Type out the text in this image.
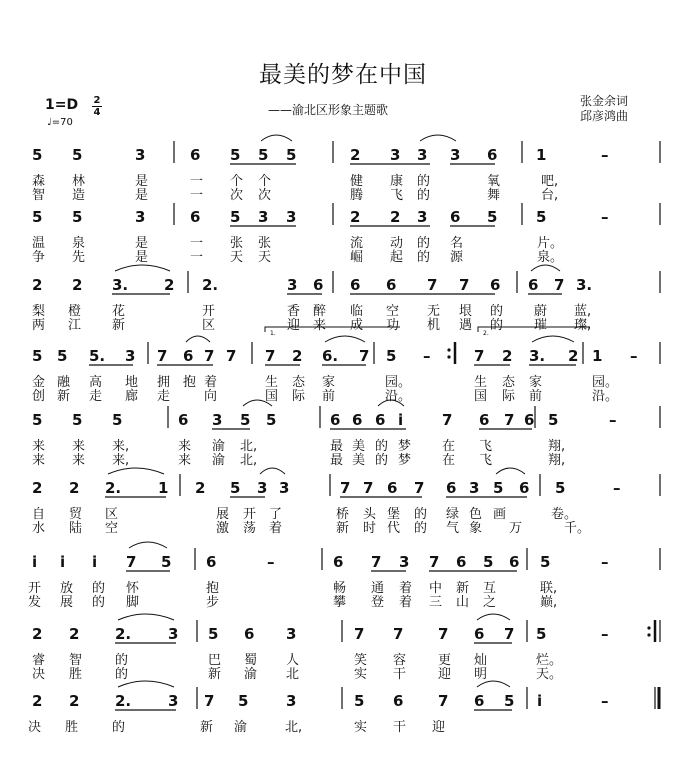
最美的梦在中国
——渝北区形象主题歌
张金余词
邱彦鸿曲
1=D 2
4
♩=70
5 5	3	6 5 5 5	2 3 3 3 6	1	–
森 林	是	一 个 个	健 康 的	氧	吧,
智 造	是	一 次 次	腾 飞 的	舞	台,
5 5	3	6 5 3 3	2 2 3 6 5	5	–
温 泉	是	一 张 张	流 动 的 名	片。
争 先	是	一 天 天	崛 起 的 源	泉。
2 2 3. 2 2.	3 6 6 6 7 7 6 6 7 3.
梨 橙 花	开	香 醉 临 空 无 垠 的 蔚 蓝,
两 江 新	区	迎 来 成 功 机 遇 的 璀 璨,
1.	2.
5 5 5. 3 7 6 7 7 7 2 6. 7 5 –	7 2 3. 2 1 –
金 融 高 地 拥 抱 着	生 态 家	园。	生 态 家	园。
创 新 走 廊 走	向	国 际 前	沿。	国 际 前	沿。
5 5 5	6 3 5 5	6 6 6 i	7 6 7 6 5	–
来 来 来,	来 渝 北,	最 美 的 梦 在 飞	翔,
来 来 来,	来 渝 北,	最 美 的 梦 在 飞	翔,
2 2 2. 1 2 5 3 3	7 7 6 7 6 3 5 6 5	–
自 贸 区	展 开 了	桥 头 堡 的 绿 色 画	卷。
水 陆 空	激 荡 着	新 时 代 的 气 象 万	千。
i i i 7 5 6	–	6 7 3 7 6 5 6 5	–
开 放 的 怀	抱	畅 通 着 中 新 互	联,
发 展 的 脚	步	攀 登 着 三 山 之	巅,
2 2 2. 3 5 6 3	7 7 7 6 7 5	–
睿 智	的	巴 蜀 人	笑 容 更 灿	烂。
决 胜	的	新 渝 北	实 干 迎 明	天。
2 2 2. 3 7 5	3	5 6 7 6 5 i	–
决 胜	的	新 渝	北,	实 干 迎
